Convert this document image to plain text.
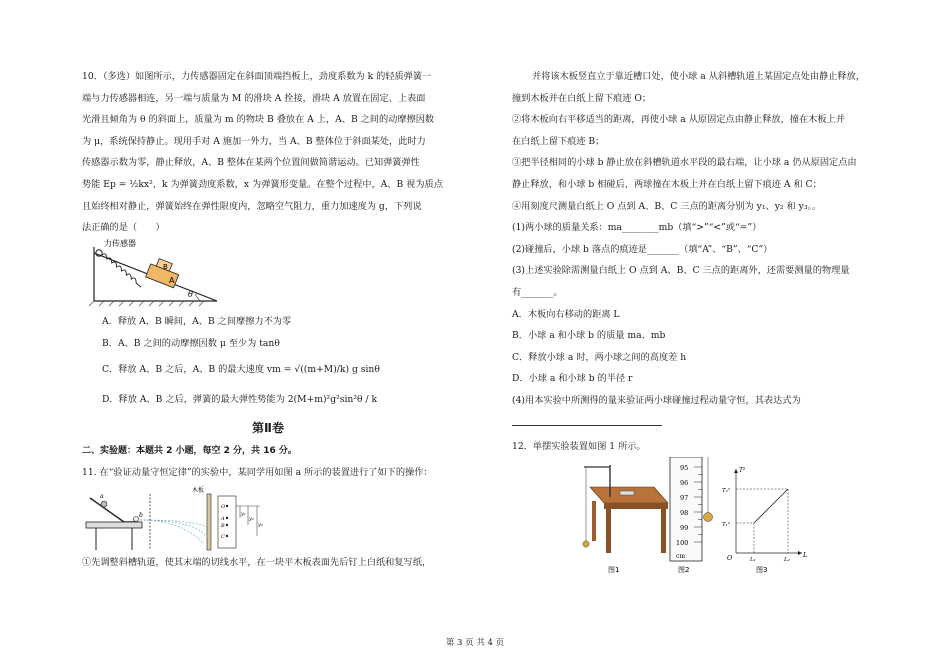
10．（多选）如图所示，力传感器固定在斜面顶端挡板上，劲度系数为 k 的轻质弹簧一

端与力传感器相连，另一端与质量为 M 的滑块 A 拴接，滑块 A 放置在固定、上表面

光滑且倾角为 θ 的斜面上，质量为 m 的物块 B 叠放在 A 上，A、B 之间的动摩擦因数

为 μ，系统保持静止。现用手对 A 施加一外力，当 A、B 整体位于斜面某处，此时力

传感器示数为零，静止释放，A、B 整体在某两个位置间做简谐运动。已知弹簧弹性

势能 Ep = ½kx²，k 为弹簧劲度系数，x 为弹簧形变量。在整个过程中，A、B 视为质点

且始终相对静止，弹簧始终在弹性限度内，忽略空气阻力，重力加速度为 g，下列说

法正确的是（　　）

A
B
θ
力传感器

A．释放 A、B 瞬间，A、B 之间摩擦力不为零

B．A、B 之间的动摩擦因数 μ 至少为 tanθ

C．释放 A、B 之后，A、B 的最大速度 vm = √((m+M)/k) g sinθ

D．释放 A、B 之后，弹簧的最大弹性势能为 2(M+m)²g²sin²θ / k

第Ⅱ卷

二、实验题：本题共 2 小题，每空 2 分，共 16 分。

11. 在“验证动量守恒定律”的实验中，某同学用如图 a 所示的装置进行了如下的操作：

a
b
木板
O
A
B
C
y₁
y₂
y₃

①先调整斜槽轨道，使其末端的切线水平，在一块平木板表面先后钉上白纸和复写纸，

并将该木板竖直立于靠近槽口处，使小球 a 从斜槽轨道上某固定点处由静止释放，

撞到木板并在白纸上留下痕迹 O；

②将木板向右平移适当的距离，再使小球 a 从原固定点由静止释放，撞在木板上并

在白纸上留下痕迹 B；

③把半径相同的小球 b 静止放在斜槽轨道水平段的最右端，让小球 a 仍从原固定点由

静止释放，和小球 b 相碰后，两球撞在木板上并在白纸上留下痕迹 A 和 C；

④用刻度尺测量白纸上 O 点到 A、B、C 三点的距离分别为 y₁、y₂ 和 y₃。。

(1)两小球的质量关系：ma________mb（填“>”“<”或“=”）

(2)碰撞后，小球 b 落点的痕迹是_______（填“A”、“B”、“C”）

(3)上述实验除需测量白纸上 O 点到 A、B、C 三点的距离外，还需要测量的物理量

有_______。

A．木板向右移动的距离 L

B．小球 a 和小球 b 的质量 ma、mb

C．释放小球 a 时，两小球之间的高度差 h

D．小球 a 和小球 b 的半径 r

(4)用本实验中所测得的量来验证两小球碰撞过程动量守恒，其表达式为

12．单摆实验装置如图 1 所示。

95
96
97
98
99
100
cm
T²
L
O
T₂²
T₁²
L₁	L₂
图1	图2	图3
第 3 页 共 4 页
